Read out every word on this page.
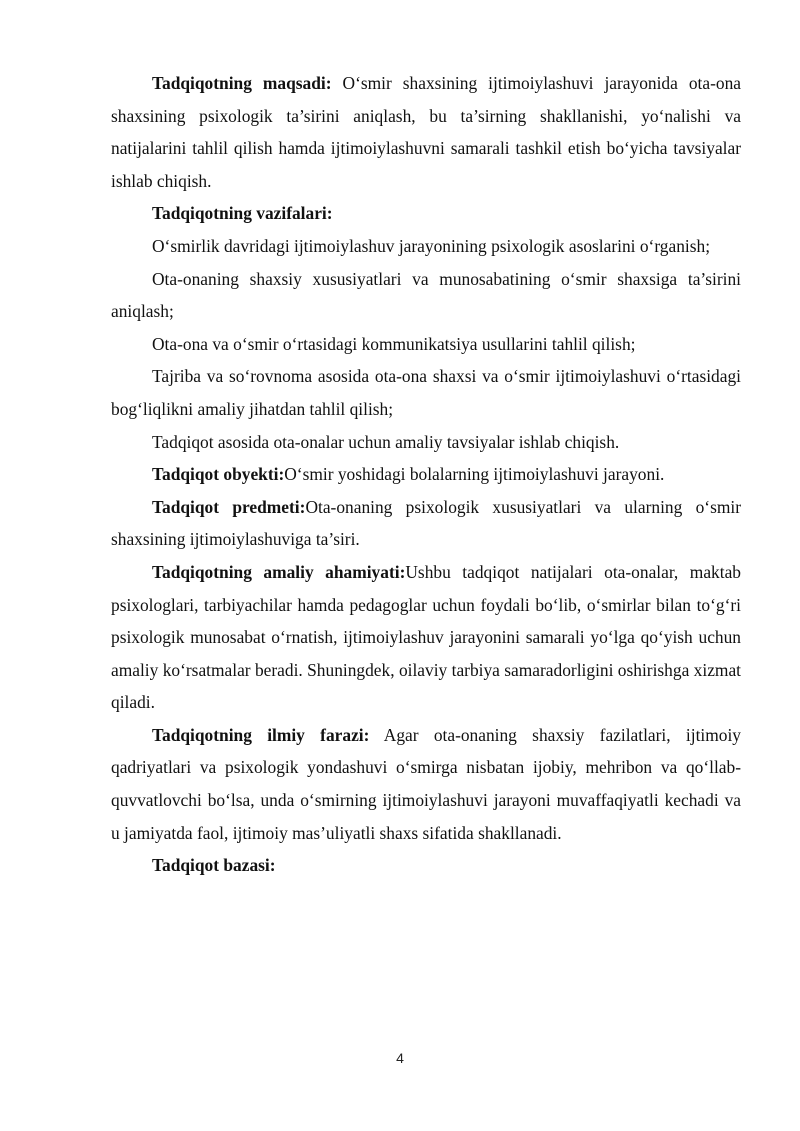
Tadqiqotning maqsadi: O‘smir shaxsining ijtimoiylashuvi jarayonida ota-ona shaxsining psixologik ta’sirini aniqlash, bu ta’sirning shakllanishi, yo‘nalishi va natijalarini tahlil qilish hamda ijtimoiylashuvni samarali tashkil etish bo‘yicha tavsiyalar ishlab chiqish.

Tadqiqotning vazifalari:

O‘smirlik davridagi ijtimoiylashuv jarayonining psixologik asoslarini o‘rganish;

Ota-onaning shaxsiy xususiyatlari va munosabatining o‘smir shaxsiga ta’sirini aniqlash;

Ota-ona va o‘smir o‘rtasidagi kommunikatsiya usullarini tahlil qilish;

Tajriba va so‘rovnoma asosida ota-ona shaxsi va o‘smir ijtimoiylashuvi o‘rtasidagi bog‘liqlikni amaliy jihatdan tahlil qilish;

Tadqiqot asosida ota-onalar uchun amaliy tavsiyalar ishlab chiqish.

Tadqiqot obyekti:O‘smir yoshidagi bolalarning ijtimoiylashuvi jarayoni.

Tadqiqot predmeti:Ota-onaning psixologik xususiyatlari va ularning o‘smir shaxsining ijtimoiylashuviga ta’siri.

Tadqiqotning amaliy ahamiyati:Ushbu tadqiqot natijalari ota-onalar, maktab psixologlari, tarbiyachilar hamda pedagoglar uchun foydali bo‘lib, o‘smirlar bilan to‘g‘ri psixologik munosabat o‘rnatish, ijtimoiylashuv jarayonini samarali yo‘lga qo‘yish uchun amaliy ko‘rsatmalar beradi. Shuningdek, oilaviy tarbiya samaradorligini oshirishga xizmat qiladi.

Tadqiqotning ilmiy farazi: Agar ota-onaning shaxsiy fazilatlari, ijtimoiy qadriyatlari va psixologik yondashuvi o‘smirga nisbatan ijobiy, mehribon va qo‘llab-quvvatlovchi bo‘lsa, unda o‘smirning ijtimoiylashuvi jarayoni muvaffaqiyatli kechadi va u jamiyatda faol, ijtimoiy mas’uliyatli shaxs sifatida shakllanadi.

Tadqiqot bazasi:

4
